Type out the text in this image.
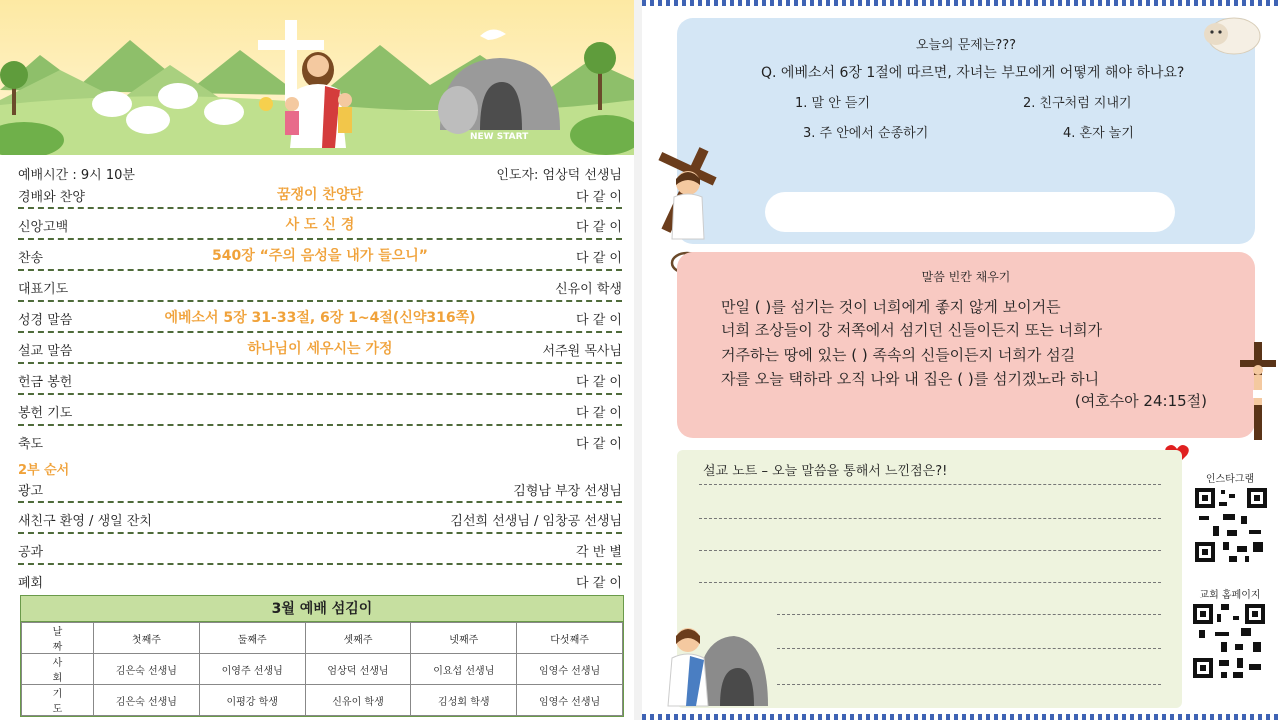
NEW START
예배시간 : 9시 10분	인도자: 엄상덕 선생님
경배와 찬양	꿈쟁이 찬양단	다 같 이
신앙고백	사 도 신 경	다 같 이
찬송	540장 “주의 음성을 내가 들으니”	다 같 이
대표기도	신유이 학생
성경 말씀	에베소서 5장 31-33절, 6장 1~4절(신약316쪽)	다 같 이
설교 말씀	하나님이 세우시는 가정	서주원 목사님
헌금 봉헌	다 같 이
봉헌 기도	다 같 이
축도	다 같 이
2부 순서
광고	김형남 부장 선생님
새친구 환영 / 생일 잔치	김선희 선생님 / 임창공 선생님
공과	각 반 별
폐회	다 같 이
3월 예배 섬김이
날 짜	첫째주	둘째주	셋째주	넷째주	다섯째주
사 회	김은숙 선생님	이영주 선생님	엄상덕 선생님	이요섭 선생님	임영수 선생님
기 도	김은숙 선생님	이평강 학생	신유이 학생	김성회 학생	임영수 선생님
오늘의 문제는???
Q. 에베소서 6장 1절에 따르면, 자녀는 부모에게 어떻게 해야 하나요?
1. 말 안 듣기	2. 친구처럼 지내기
3. 주 안에서 순종하기	4. 혼자 놀기
말씀 빈칸 채우기
만일 ( )를 섬기는 것이 너희에게 좋지 않게 보이거든
너희 조상들이 강 저쪽에서 섬기던 신들이든지 또는 너희가
거주하는 땅에 있는 ( ) 족속의 신들이든지 너희가 섬길
자를 오늘 택하라 오직 나와 내 집은 ( )를 섬기겠노라 하니
(여호수아 24:15절)
설교 노트 – 오늘 말씀을 통해서 느낀점은?!
인스타그램
교회 홈페이지
